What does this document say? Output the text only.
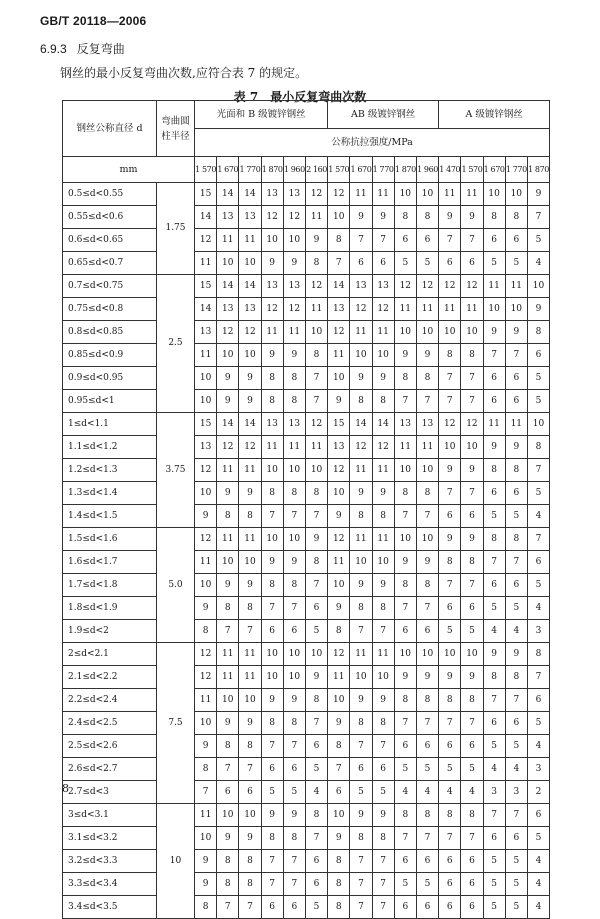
GB/T 20118—2006
6.9.3 反复弯曲
钢丝的最小反复弯曲次数,应符合表 7 的规定。
表 7 最小反复弯曲次数
钢丝公称直径 d	弯曲圆柱半径	光面和 B 级镀锌钢丝						AB 级镀锌钢丝					A 级镀锌钢丝				
		公称抗拉强度/MPa															
mm		1 570	1 670	1 770	1 870	1 960	2 160	1 570	1 670	1 770	1 870	1 960	1 470	1 570	1 670	1 770	1 870
0.5≤d<0.55	1.75	15	14	14	13	13	12	12	11	11	10	10	11	11	10	10	9
0.55≤d<0.6		14	13	13	12	12	11	10	9	9	8	8	9	9	8	8	7
0.6≤d<0.65		12	11	11	10	10	9	8	7	7	6	6	7	7	6	6	5
0.65≤d<0.7		11	10	10	9	9	8	7	6	6	5	5	6	6	5	5	4
0.7≤d<0.75	2.5	15	14	14	13	13	12	14	13	13	12	12	12	12	11	11	10
0.75≤d<0.8		14	13	13	12	12	11	13	12	12	11	11	11	11	10	10	9
0.8≤d<0.85		13	12	12	11	11	10	12	11	11	10	10	10	10	9	9	8
0.85≤d<0.9		11	10	10	9	9	8	11	10	10	9	9	8	8	7	7	6
0.9≤d<0.95		10	9	9	8	8	7	10	9	9	8	8	7	7	6	6	5
0.95≤d<1		10	9	9	8	8	7	9	8	8	7	7	7	7	6	6	5
1≤d<1.1	3.75	15	14	14	13	13	12	15	14	14	13	13	12	12	11	11	10
1.1≤d<1.2		13	12	12	11	11	11	13	12	12	11	11	10	10	9	9	8
1.2≤d<1.3		12	11	11	10	10	10	12	11	11	10	10	9	9	8	8	7
1.3≤d<1.4		10	9	9	8	8	8	10	9	9	8	8	7	7	6	6	5
1.4≤d<1.5		9	8	8	7	7	7	9	8	8	7	7	6	6	5	5	4
1.5≤d<1.6	5.0	12	11	11	10	10	9	12	11	11	10	10	9	9	8	8	7
1.6≤d<1.7		11	10	10	9	9	8	11	10	10	9	9	8	8	7	7	6
1.7≤d<1.8		10	9	9	8	8	7	10	9	9	8	8	7	7	6	6	5
1.8≤d<1.9		9	8	8	7	7	6	9	8	8	7	7	6	6	5	5	4
1.9≤d<2		8	7	7	6	6	5	8	7	7	6	6	5	5	4	4	3
2≤d<2.1	7.5	12	11	11	10	10	10	12	11	11	10	10	10	10	9	9	8
2.1≤d<2.2		12	11	11	10	10	9	11	10	10	9	9	9	9	8	8	7
2.2≤d<2.4		11	10	10	9	9	8	10	9	9	8	8	8	8	7	7	6
2.4≤d<2.5		10	9	9	8	8	7	9	8	8	7	7	7	7	6	6	5
2.5≤d<2.6		9	8	8	7	7	6	8	7	7	6	6	6	6	5	5	4
2.6≤d<2.7		8	7	7	6	6	5	7	6	6	5	5	5	5	4	4	3
2.7≤d<3		7	6	6	5	5	4	6	5	5	4	4	4	4	3	3	2
3≤d<3.1	10	11	10	10	9	9	8	10	9	9	8	8	8	8	7	7	6
3.1≤d<3.2		10	9	9	8	8	7	9	8	8	7	7	7	7	6	6	5
3.2≤d<3.3		9	8	8	7	7	6	8	7	7	6	6	6	6	5	5	4
3.3≤d<3.4		9	8	8	7	7	6	8	7	7	5	5	6	6	5	5	4
3.4≤d<3.5		8	7	7	6	6	5	8	7	7	6	6	6	6	5	5	4
8
